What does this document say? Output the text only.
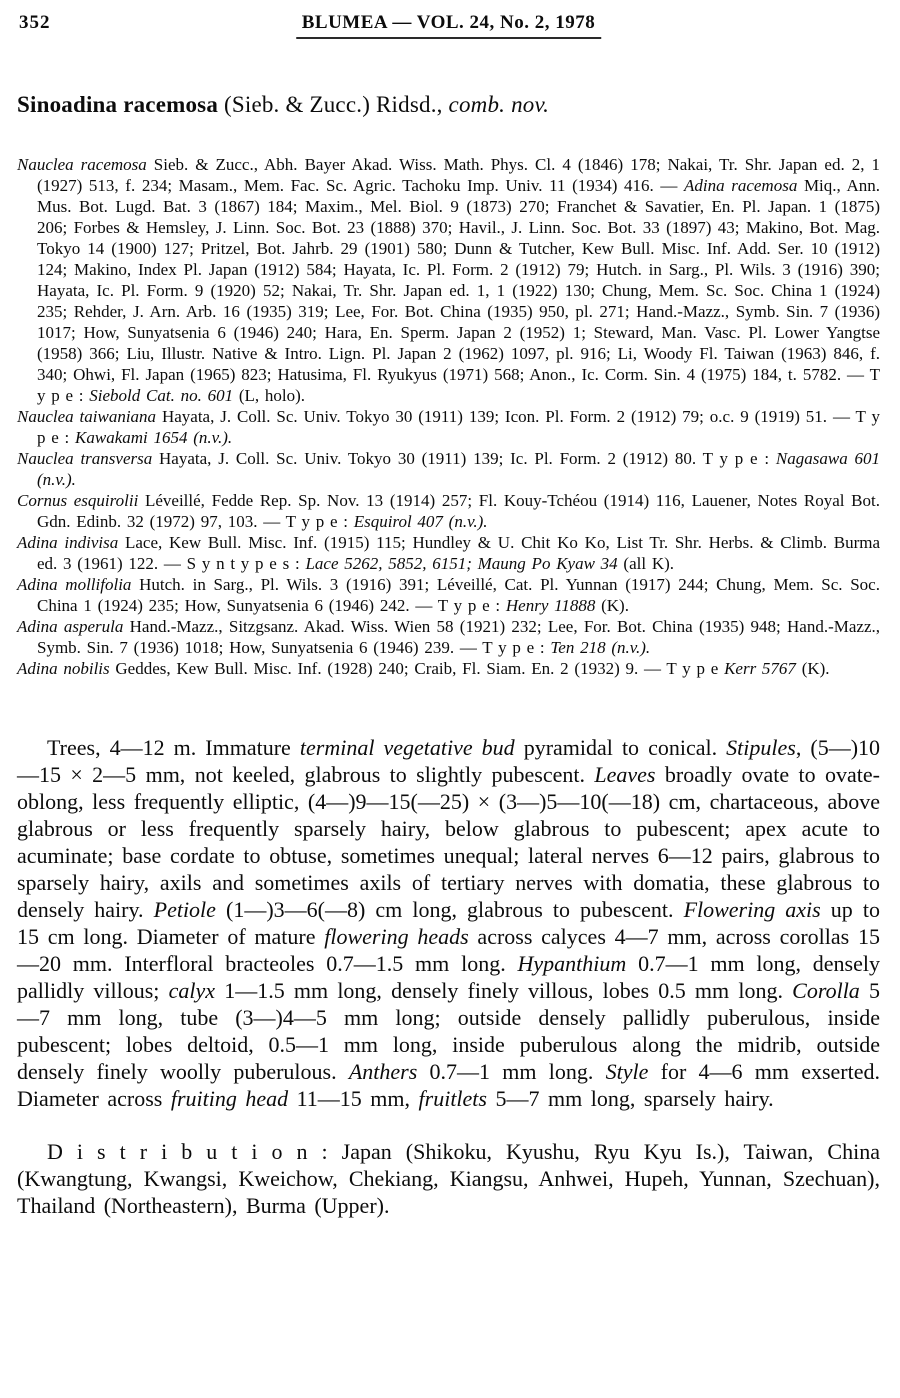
352	BLUMEA — VOL. 24, No. 2, 1978
Sinoadina racemosa (Sieb. & Zucc.) Ridsd., comb. nov.

Nauclea racemosa Sieb. & Zucc., Abh. Bayer Akad. Wiss. Math. Phys. Cl. 4 (1846) 178; Nakai, Tr. Shr. Japan ed. 2, 1 (1927) 513, f. 234; Masam., Mem. Fac. Sc. Agric. Tachoku Imp. Univ. 11 (1934) 416. — Adina racemosa Miq., Ann. Mus. Bot. Lugd. Bat. 3 (1867) 184; Maxim., Mel. Biol. 9 (1873) 270; Franchet & Savatier, En. Pl. Japan. 1 (1875) 206; Forbes & Hemsley, J. Linn. Soc. Bot. 23 (1888) 370; Havil., J. Linn. Soc. Bot. 33 (1897) 43; Makino, Bot. Mag. Tokyo 14 (1900) 127; Pritzel, Bot. Jahrb. 29 (1901) 580; Dunn & Tutcher, Kew Bull. Misc. Inf. Add. Ser. 10 (1912) 124; Makino, Index Pl. Japan (1912) 584; Hayata, Ic. Pl. Form. 2 (1912) 79; Hutch. in Sarg., Pl. Wils. 3 (1916) 390; Hayata, Ic. Pl. Form. 9 (1920) 52; Nakai, Tr. Shr. Japan ed. 1, 1 (1922) 130; Chung, Mem. Sc. Soc. China 1 (1924) 235; Rehder, J. Arn. Arb. 16 (1935) 319; Lee, For. Bot. China (1935) 950, pl. 271; Hand.-Mazz., Symb. Sin. 7 (1936) 1017; How, Sunyatsenia 6 (1946) 240; Hara, En. Sperm. Japan 2 (1952) 1; Steward, Man. Vasc. Pl. Lower Yangtse (1958) 366; Liu, Illustr. Native & Intro. Lign. Pl. Japan 2 (1962) 1097, pl. 916; Li, Woody Fl. Taiwan (1963) 846, f. 340; Ohwi, Fl. Japan (1965) 823; Hatusima, Fl. Ryukyus (1971) 568; Anon., Ic. Corm. Sin. 4 (1975) 184, t. 5782. — T y p e : Siebold Cat. no. 601 (L, holo).

Nauclea taiwaniana Hayata, J. Coll. Sc. Univ. Tokyo 30 (1911) 139; Icon. Pl. Form. 2 (1912) 79; o.c. 9 (1919) 51. — T y p e : Kawakami 1654 (n.v.).

Nauclea transversa Hayata, J. Coll. Sc. Univ. Tokyo 30 (1911) 139; Ic. Pl. Form. 2 (1912) 80. T y p e : Nagasawa 601 (n.v.).

Cornus esquirolii Léveillé, Fedde Rep. Sp. Nov. 13 (1914) 257; Fl. Kouy-Tchéou (1914) 116, Lauener, Notes Royal Bot. Gdn. Edinb. 32 (1972) 97, 103. — T y p e : Esquirol 407 (n.v.).

Adina indivisa Lace, Kew Bull. Misc. Inf. (1915) 115; Hundley & U. Chit Ko Ko, List Tr. Shr. Herbs. & Climb. Burma ed. 3 (1961) 122. — S y n t y p e s : Lace 5262, 5852, 6151; Maung Po Kyaw 34 (all K).

Adina mollifolia Hutch. in Sarg., Pl. Wils. 3 (1916) 391; Léveillé, Cat. Pl. Yunnan (1917) 244; Chung, Mem. Sc. Soc. China 1 (1924) 235; How, Sunyatsenia 6 (1946) 242. — T y p e : Henry 11888 (K).

Adina asperula Hand.-Mazz., Sitzgsanz. Akad. Wiss. Wien 58 (1921) 232; Lee, For. Bot. China (1935) 948; Hand.-Mazz., Symb. Sin. 7 (1936) 1018; How, Sunyatsenia 6 (1946) 239. — T y p e : Ten 218 (n.v.).

Adina nobilis Geddes, Kew Bull. Misc. Inf. (1928) 240; Craib, Fl. Siam. En. 2 (1932) 9. — T y p e Kerr 5767 (K).

Trees, 4—12 m. Immature terminal vegetative bud pyramidal to conical. Stipules, (5—)10—15 × 2—5 mm, not keeled, glabrous to slightly pubescent. Leaves broadly ovate to ovate-oblong, less frequently elliptic, (4—)9—15(—25) × (3—)5—10(—18) cm, chartaceous, above glabrous or less frequently sparsely hairy, below glabrous to pubescent; apex acute to acuminate; base cordate to obtuse, sometimes unequal; lateral nerves 6—12 pairs, glabrous to sparsely hairy, axils and sometimes axils of tertiary nerves with domatia, these glabrous to densely hairy. Petiole (1—)3—6(—8) cm long, glabrous to pubescent. Flowering axis up to 15 cm long. Diameter of mature flowering heads across calyces 4—7 mm, across corollas 15—20 mm. Interfloral bracteoles 0.7—1.5 mm long. Hypanthium 0.7—1 mm long, densely pallidly villous; calyx 1—1.5 mm long, densely finely villous, lobes 0.5 mm long. Corolla 5—7 mm long, tube (3—)4—5 mm long; outside densely pallidly puberulous, inside pubescent; lobes deltoid, 0.5—1 mm long, inside puberulous along the midrib, outside densely finely woolly puberulous. Anthers 0.7—1 mm long. Style for 4—6 mm exserted. Diameter across fruiting head 11—15 mm, fruitlets 5—7 mm long, sparsely hairy.

D i s t r i b u t i o n : Japan (Shikoku, Kyushu, Ryu Kyu Is.), Taiwan, China (Kwangtung, Kwangsi, Kweichow, Chekiang, Kiangsu, Anhwei, Hupeh, Yunnan, Szechuan), Thailand (Northeastern), Burma (Upper).
